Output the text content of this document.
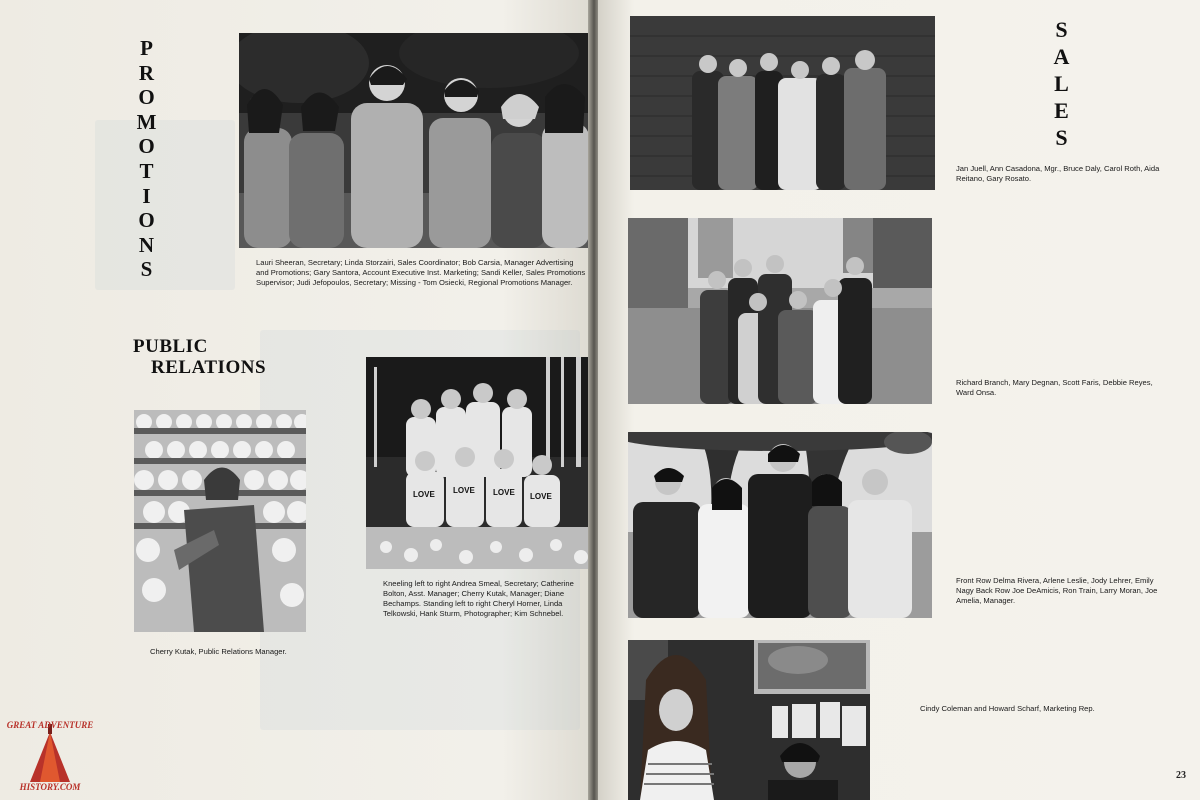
P
R
O
M
O
T
I
O
N
S	Lauri Sheeran, Secretary; Linda Storzairi, Sales Coordinator; Bob Carsia, Manager Advertising and Promotions; Gary Santora, Account Executive Inst. Marketing; Sandi Keller, Sales Promotions Supervisor; Judi Jefopoulos, Secretary; Missing - Tom Osiecki, Regional Promotions Manager.
PUBLIC
RELATIONS
Cherry Kutak, Public Relations Manager.
LOVE LOVE LOVE LOVE
Kneeling left to right Andrea Smeal, Secretary; Catherine Bolton, Asst. Manager; Cherry Kutak, Manager; Diane Bechamps. Standing left to right Cheryl Horner, Linda Telkowski, Hank Sturm, Photographer; Kim Schnebel.
GREAT ADVENTURE
HISTORY.COM
S
A
L
E
S
Jan Juell, Ann Casadona, Mgr., Bruce Daly, Carol Roth, Aida Reitano, Gary Rosato.
Richard Branch, Mary Degnan, Scott Faris, Debbie Reyes, Ward Onsa.
Front Row Delma Rivera, Arlene Leslie, Jody Lehrer, Emily Nagy Back Row Joe DeAmicis, Ron Train, Larry Moran, Joe Amelia, Manager.
Cindy Coleman and Howard Scharf, Marketing Rep.
23
